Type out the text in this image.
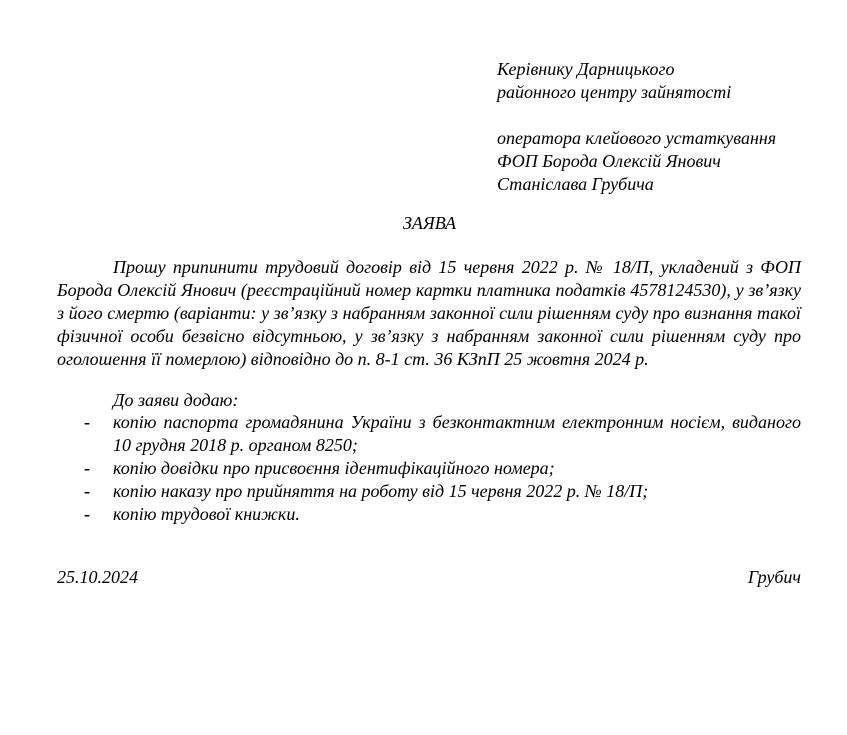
Керівнику Дарницького
районного центру зайнятості
оператора клейового устаткування
ФОП Борода Олексій Янович
Станіслава Грубича
ЗАЯВА

Прошу припинити трудовий договір від 15 червня 2022 р. № 18/П, укладений з ФОП Борода Олексій Янович (реєстраційний номер картки платника податків 4578124530), у зв’язку з його смертю (варіанти: у зв’язку з набранням законної сили рішенням суду про визнання такої фізичної особи безвісно відсутньою, у зв’язку з набранням законної сили рішенням суду про оголошення її померлою) відповідно до п. 8-1 ст. 36 КЗпП 25 жовтня 2024 р.

До заяви додаю:
- копію паспорта громадянина України з безконтактним електронним носієм, виданого 10 грудня 2018 р. органом 8250;
- копію довідки про присвоєння ідентифікаційного номера;
- копію наказу про прийняття на роботу від 15 червня 2022 р. № 18/П;
- копію трудової книжки.
25.10.2024	Грубич
